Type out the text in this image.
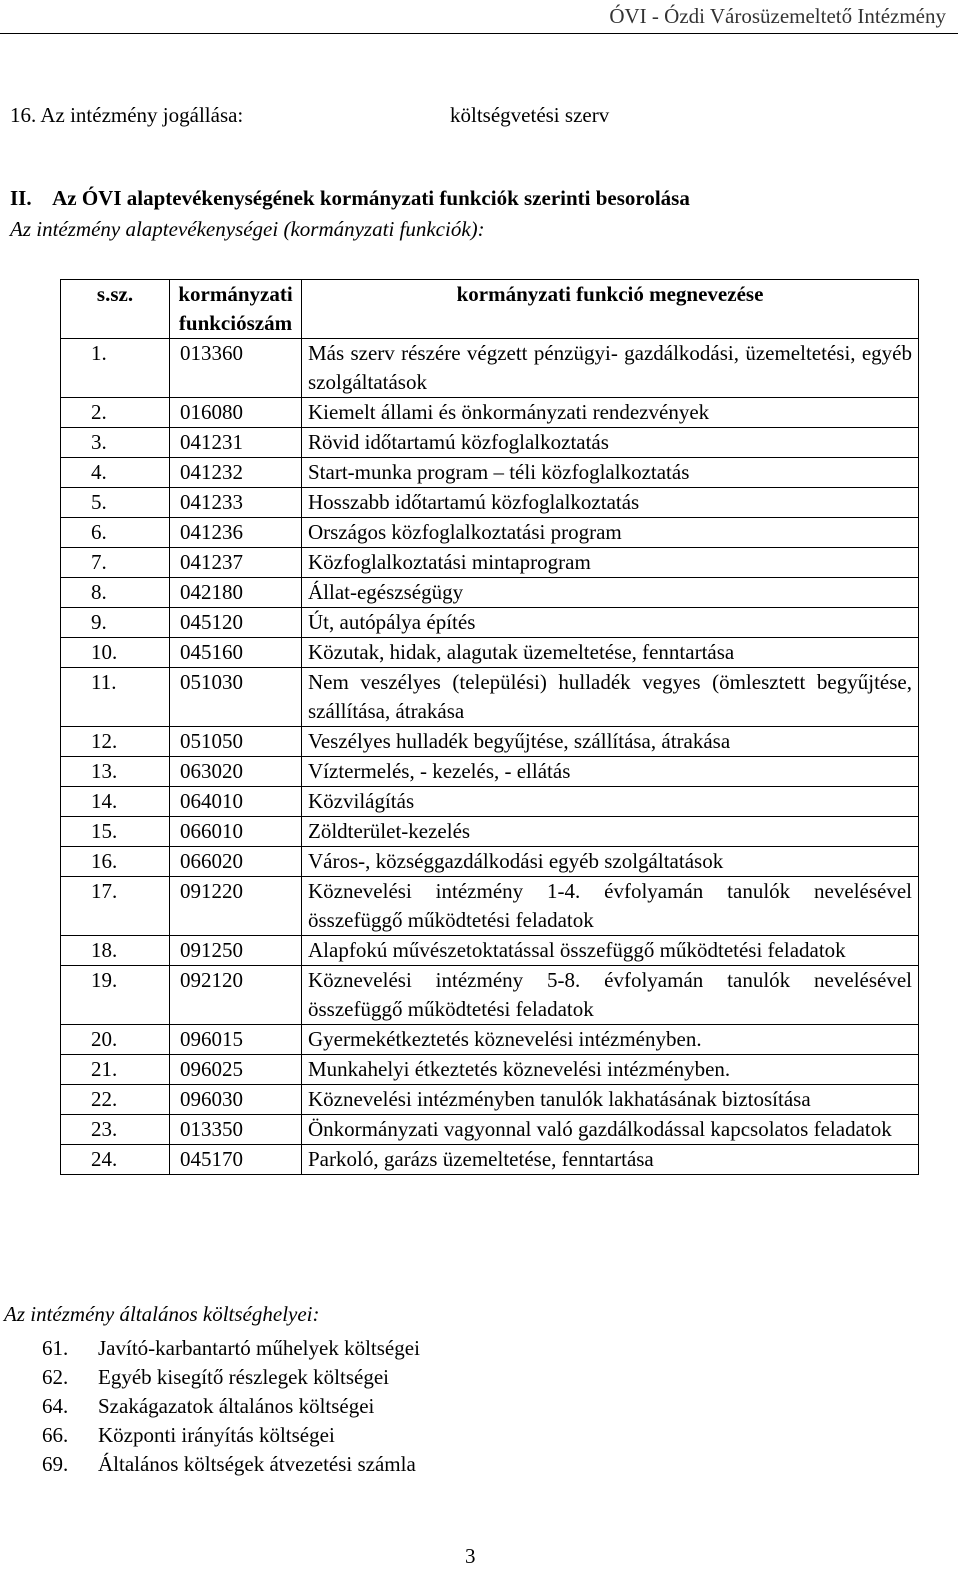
ÓVI - Ózdi Városüzemeltető Intézmény
16. Az intézmény jogállása:	költségvetési szerv
II. Az ÓVI alaptevékenységének kormányzati funkciók szerinti besorolása
Az intézmény alaptevékenységei (kormányzati funkciók):
s.sz.	kormányzati funkciószám	kormányzati funkció megnevezése
1.	013360	Más szerv részére végzett pénzügyi- gazdálkodási, üzemeltetési, egyéb szolgáltatások
2.	016080	Kiemelt állami és önkormányzati rendezvények
3.	041231	Rövid időtartamú közfoglalkoztatás
4.	041232	Start-munka program – téli közfoglalkoztatás
5.	041233	Hosszabb időtartamú közfoglalkoztatás
6.	041236	Országos közfoglalkoztatási program
7.	041237	Közfoglalkoztatási mintaprogram
8.	042180	Állat-egészségügy
9.	045120	Út, autópálya építés
10.	045160	Közutak, hidak, alagutak üzemeltetése, fenntartása
11.	051030	Nem veszélyes (települési) hulladék vegyes (ömlesztett begyűjtése, szállítása, átrakása
12.	051050	Veszélyes hulladék begyűjtése, szállítása, átrakása
13.	063020	Víztermelés, - kezelés, - ellátás
14.	064010	Közvilágítás
15.	066010	Zöldterület-kezelés
16.	066020	Város-, községgazdálkodási egyéb szolgáltatások
17.	091220	Köznevelési intézmény 1-4. évfolyamán tanulók nevelésével összefüggő működtetési feladatok
18.	091250	Alapfokú művészetoktatással összefüggő működtetési feladatok
19.	092120	Köznevelési intézmény 5-8. évfolyamán tanulók nevelésével összefüggő működtetési feladatok
20.	096015	Gyermekétkeztetés köznevelési intézményben.
21.	096025	Munkahelyi étkeztetés köznevelési intézményben.
22.	096030	Köznevelési intézményben tanulók lakhatásának biztosítása
23.	013350	Önkormányzati vagyonnal való gazdálkodással kapcsolatos feladatok
24.	045170	Parkoló, garázs üzemeltetése, fenntartása
Az intézmény általános költséghelyei:
61. Javító-karbantartó műhelyek költségei
62. Egyéb kisegítő részlegek költségei
64. Szakágazatok általános költségei
66. Központi irányítás költségei
69. Általános költségek átvezetési számla
3
